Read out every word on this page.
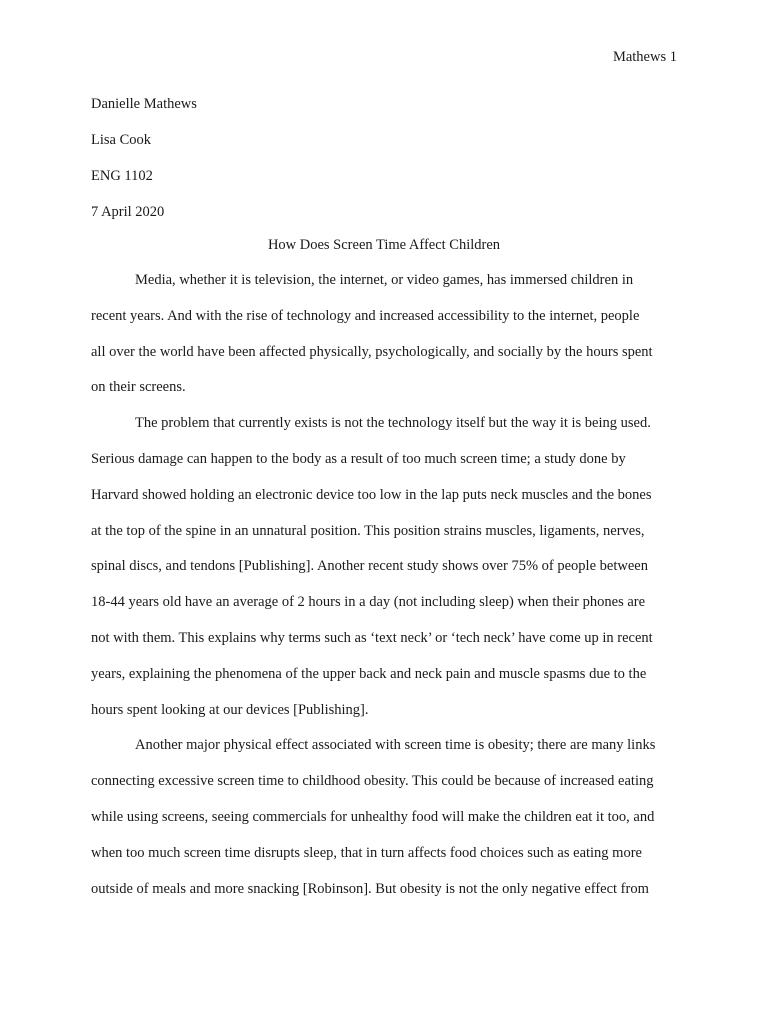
Mathews 1
Danielle Mathews
Lisa Cook
ENG 1102
7 April 2020
How Does Screen Time Affect Children
Media, whether it is television, the internet, or video games, has immersed children in
recent years. And with the rise of technology and increased accessibility to the internet, people
all over the world have been affected physically, psychologically, and socially by the hours spent
on their screens.
The problem that currently exists is not the technology itself but the way it is being used.
Serious damage can happen to the body as a result of too much screen time; a study done by
Harvard showed holding an electronic device too low in the lap puts neck muscles and the bones
at the top of the spine in an unnatural position. This position strains muscles, ligaments, nerves,
spinal discs, and tendons [Publishing]. Another recent study shows over 75% of people between
18-44 years old have an average of 2 hours in a day (not including sleep) when their phones are
not with them. This explains why terms such as ‘text neck’ or ‘tech neck’ have come up in recent
years, explaining the phenomena of the upper back and neck pain and muscle spasms due to the
hours spent looking at our devices [Publishing].
Another major physical effect associated with screen time is obesity; there are many links
connecting excessive screen time to childhood obesity. This could be because of increased eating
while using screens, seeing commercials for unhealthy food will make the children eat it too, and
when too much screen time disrupts sleep, that in turn affects food choices such as eating more
outside of meals and more snacking [Robinson]. But obesity is not the only negative effect from
